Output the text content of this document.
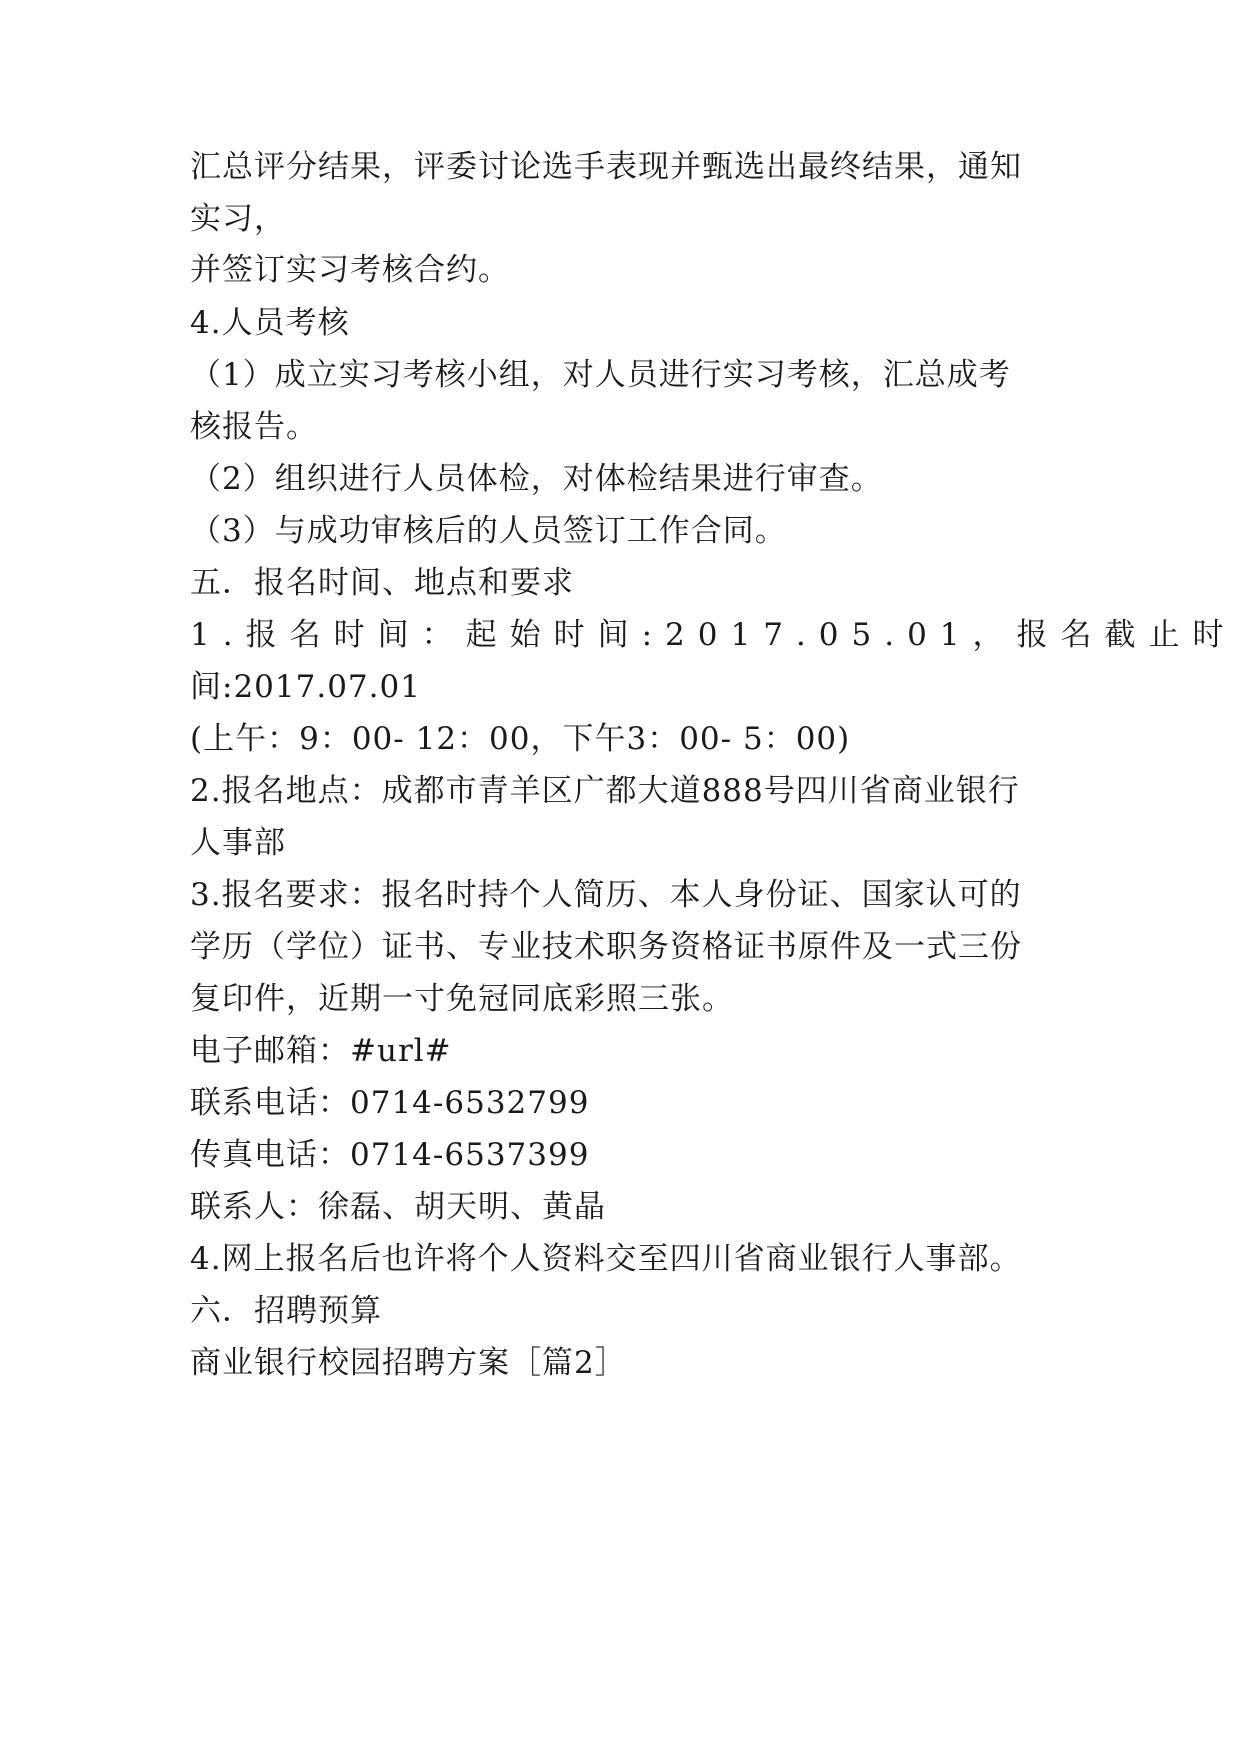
汇总评分结果，评委讨论选手表现并甄选出最终结果，通知
实习，
并签订实习考核合约。
4.人员考核
（1）成立实习考核小组，对人员进行实习考核，汇总成考
核报告。
（2）组织进行人员体检，对体检结果进行审查。
（3）与成功审核后的人员签订工作合同。
五．报名时间、地点和要求
1.报名时间：起始时间:2017.05.01，报名截止时
间:2017.07.01
(上午：9：00- 12：00，下午3：00- 5：00)
2.报名地点：成都市青羊区广都大道888号四川省商业银行
人事部
3.报名要求：报名时持个人简历、本人身份证、国家认可的
学历（学位）证书、专业技术职务资格证书原件及一式三份
复印件，近期一寸免冠同底彩照三张。
电子邮箱：#url#
联系电话：0714-6532799
传真电话：0714-6537399
联系人：徐磊、胡天明、黄晶
4.网上报名后也许将个人资料交至四川省商业银行人事部。
六．招聘预算
商业银行校园招聘方案［篇2］
